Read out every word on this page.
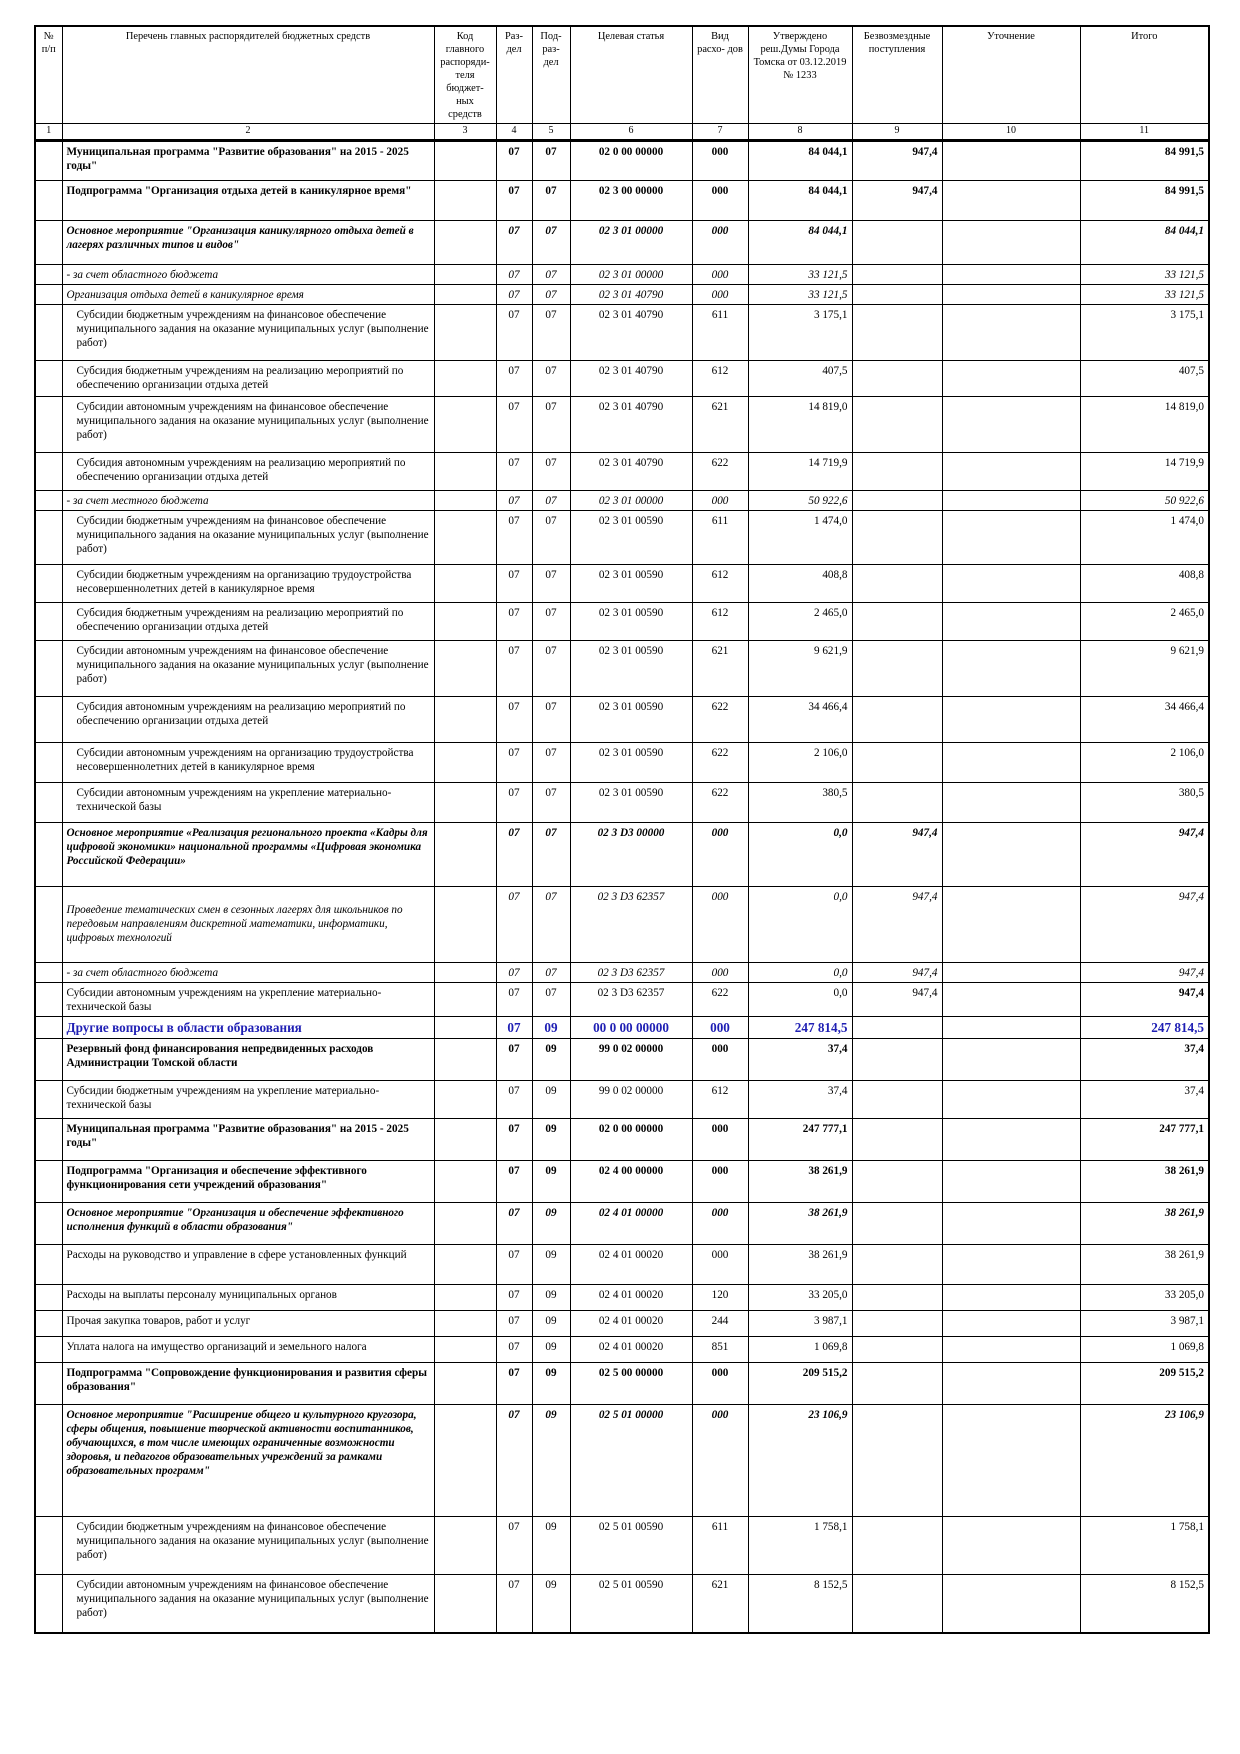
№ п/п	Перечень главных распорядителей бюджетных средств	Код главного распоряди- теля бюджет- ных средств	Раз- дел	Под- раз- дел	Целевая статья	Вид расхо- дов	Утверждено реш.Думы Города Томска от 03.12.2019 № 1233	Безвозмездные поступления	Уточнение	Итого
1	2	3	4	5	6	7	8	9	10	11
	Муниципальная программа "Развитие образования" на 2015 - 2025 годы"		07	07	02 0 00 00000	000	84 044,1	947,4		84 991,5
	Подпрограмма "Организация отдыха детей в каникулярное время"		07	07	02 3 00 00000	000	84 044,1	947,4		84 991,5
	Основное мероприятие "Организация каникулярного отдыха детей в лагерях различных типов и видов"		07	07	02 3 01 00000	000	84 044,1			84 044,1
	- за счет областного бюджета		07	07	02 3 01 00000	000	33 121,5			33 121,5
	Организация отдыха детей в каникулярное время		07	07	02 3 01 40790	000	33 121,5			33 121,5
	Субсидии бюджетным учреждениям на финансовое обеспечение муниципального задания на оказание муниципальных услуг (выполнение работ)		07	07	02 3 01 40790	611	3 175,1			3 175,1
	Субсидия бюджетным учреждениям на реализацию мероприятий по обеспечению организации отдыха детей		07	07	02 3 01 40790	612	407,5			407,5
	Субсидии автономным учреждениям на финансовое обеспечение муниципального задания на оказание муниципальных услуг (выполнение работ)		07	07	02 3 01 40790	621	14 819,0			14 819,0
	Субсидия автономным учреждениям на реализацию мероприятий по обеспечению организации отдыха детей		07	07	02 3 01 40790	622	14 719,9			14 719,9
	- за счет местного бюджета		07	07	02 3 01 00000	000	50 922,6			50 922,6
	Субсидии бюджетным учреждениям на финансовое обеспечение муниципального задания на оказание муниципальных услуг (выполнение работ)		07	07	02 3 01 00590	611	1 474,0			1 474,0
	Субсидии бюджетным учреждениям на организацию трудоустройства несовершеннолетних детей в каникулярное время		07	07	02 3 01 00590	612	408,8			408,8
	Субсидия бюджетным учреждениям на реализацию мероприятий по обеспечению организации отдыха детей		07	07	02 3 01 00590	612	2 465,0			2 465,0
	Субсидии автономным учреждениям на финансовое обеспечение муниципального задания на оказание муниципальных услуг (выполнение работ)		07	07	02 3 01 00590	621	9 621,9			9 621,9
	Субсидия автономным учреждениям на реализацию мероприятий по обеспечению организации отдыха детей		07	07	02 3 01 00590	622	34 466,4			34 466,4
	Субсидии автономным учреждениям на организацию трудоустройства несовершеннолетних детей в каникулярное время		07	07	02 3 01 00590	622	2 106,0			2 106,0
	Субсидии автономным учреждениям на укрепление материально-технической базы		07	07	02 3 01 00590	622	380,5			380,5
	Основное мероприятие «Реализация регионального проекта «Кадры для цифровой экономики» национальной программы «Цифровая экономика Российской Федерации»		07	07	02 3 D3 00000	000	0,0	947,4		947,4
	Проведение тематических смен в сезонных лагерях для школьников по передовым направлениям дискретной математики, информатики, цифровых технологий		07	07	02 3 D3 62357	000	0,0	947,4		947,4
	- за счет областного бюджета		07	07	02 3 D3 62357	000	0,0	947,4		947,4
	Субсидии автономным учреждениям на укрепление материально-технической базы		07	07	02 3 D3 62357	622	0,0	947,4		947,4
	Другие вопросы в области образования		07	09	00 0 00 00000	000	247 814,5			247 814,5
	Резервный фонд финансирования непредвиденных расходов Администрации Томской области		07	09	99 0 02 00000	000	37,4			37,4
	Субсидии бюджетным учреждениям на укрепление материально-технической базы		07	09	99 0 02 00000	612	37,4			37,4
	Муниципальная программа "Развитие образования" на 2015 - 2025 годы"		07	09	02 0 00 00000	000	247 777,1			247 777,1
	Подпрограмма "Организация и обеспечение эффективного функционирования сети учреждений образования"		07	09	02 4 00 00000	000	38 261,9			38 261,9
	Основное мероприятие "Организация и обеспечение эффективного исполнения функций в области образования"		07	09	02 4 01 00000	000	38 261,9			38 261,9
	Расходы на руководство и управление в сфере установленных функций		07	09	02 4 01 00020	000	38 261,9			38 261,9
	Расходы на выплаты персоналу муниципальных органов		07	09	02 4 01 00020	120	33 205,0			33 205,0
	Прочая закупка товаров, работ и услуг		07	09	02 4 01 00020	244	3 987,1			3 987,1
	Уплата налога на имущество организаций и земельного налога		07	09	02 4 01 00020	851	1 069,8			1 069,8
	Подпрограмма "Сопровождение функционирования и развития сферы образования"		07	09	02 5 00 00000	000	209 515,2			209 515,2
	Основное мероприятие "Расширение общего и культурного кругозора, сферы общения, повышение творческой активности воспитанников, обучающихся, в том числе имеющих ограниченные возможности здоровья, и педагогов образовательных учреждений за рамками образовательных программ"		07	09	02 5 01 00000	000	23 106,9			23 106,9
	Субсидии бюджетным учреждениям на финансовое обеспечение муниципального задания на оказание муниципальных услуг (выполнение работ)		07	09	02 5 01 00590	611	1 758,1			1 758,1
	Субсидии автономным учреждениям на финансовое обеспечение муниципального задания на оказание муниципальных услуг (выполнение работ)		07	09	02 5 01 00590	621	8 152,5			8 152,5
